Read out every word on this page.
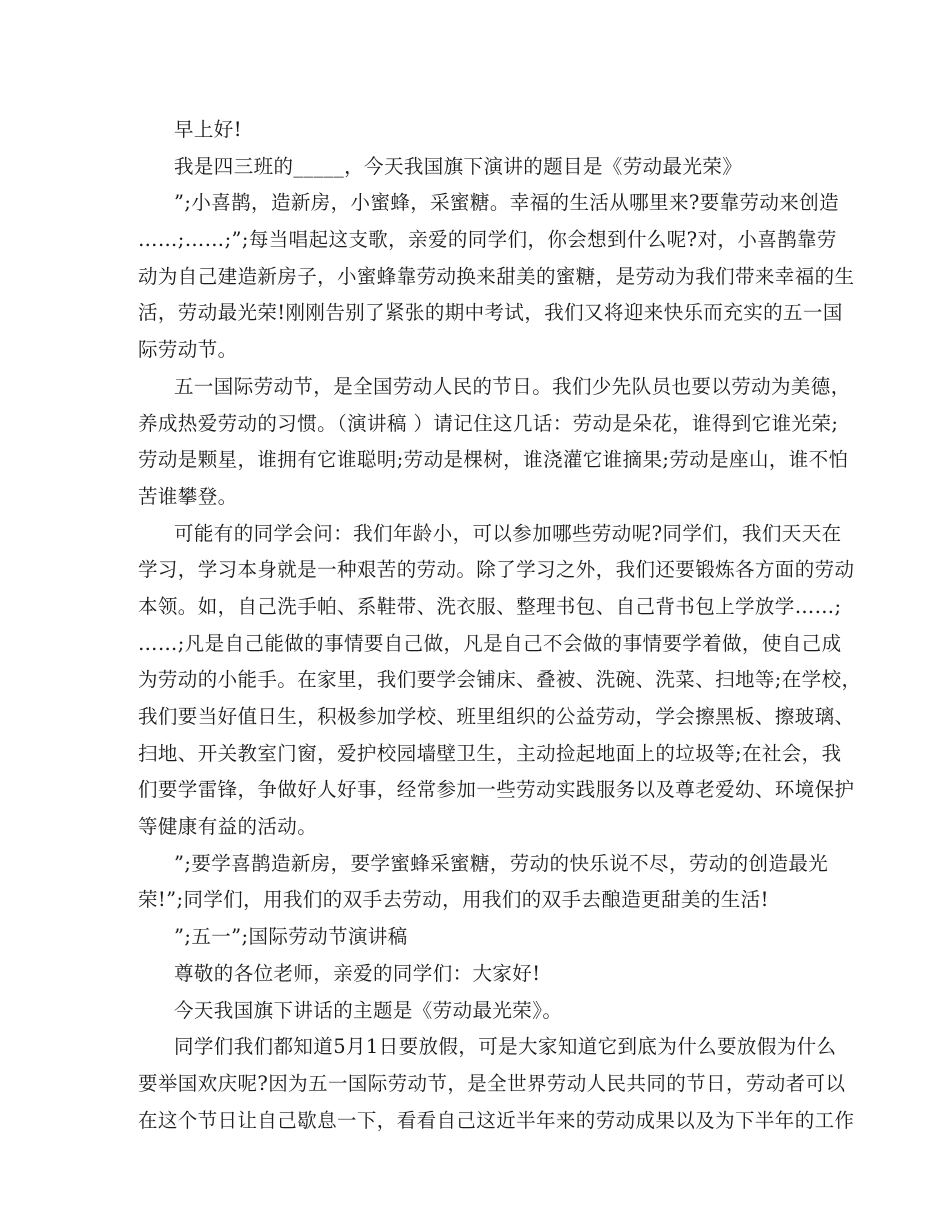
早上好!
我是四三班的_____，今天我国旗下演讲的题目是《劳动最光荣》
”;小喜鹊，造新房，小蜜蜂，采蜜糖。幸福的生活从哪里来?要靠劳动来创造
……;……;”;每当唱起这支歌，亲爱的同学们，你会想到什么呢?对，小喜鹊靠劳
动为自己建造新房子，小蜜蜂靠劳动换来甜美的蜜糖，是劳动为我们带来幸福的生
活，劳动最光荣!刚刚告别了紧张的期中考试，我们又将迎来快乐而充实的五一国
际劳动节。
五一国际劳动节，是全国劳动人民的节日。我们少先队员也要以劳动为美德，
养成热爱劳动的习惯。（演讲稿 ）请记住这几话：劳动是朵花，谁得到它谁光荣;
劳动是颗星，谁拥有它谁聪明;劳动是棵树，谁浇灌它谁摘果;劳动是座山，谁不怕
苦谁攀登。
可能有的同学会问：我们年龄小，可以参加哪些劳动呢?同学们，我们天天在
学习，学习本身就是一种艰苦的劳动。除了学习之外，我们还要锻炼各方面的劳动
本领。如，自己洗手帕、系鞋带、洗衣服、整理书包、自己背书包上学放学……;
……;凡是自己能做的事情要自己做，凡是自己不会做的事情要学着做，使自己成
为劳动的小能手。在家里，我们要学会铺床、叠被、洗碗、洗菜、扫地等;在学校，
我们要当好值日生，积极参加学校、班里组织的公益劳动，学会擦黑板、擦玻璃、
扫地、开关教室门窗，爱护校园墙壁卫生，主动捡起地面上的垃圾等;在社会，我
们要学雷锋，争做好人好事，经常参加一些劳动实践服务以及尊老爱幼、环境保护
等健康有益的活动。
”;要学喜鹊造新房，要学蜜蜂采蜜糖，劳动的快乐说不尽，劳动的创造最光
荣!”;同学们，用我们的双手去劳动，用我们的双手去酿造更甜美的生活!
”;五一”;国际劳动节演讲稿
尊敬的各位老师，亲爱的同学们：大家好!
今天我国旗下讲话的主题是《劳动最光荣》。
同学们我们都知道5月1日要放假，可是大家知道它到底为什么要放假为什么
要举国欢庆呢?因为五一国际劳动节，是全世界劳动人民共同的节日，劳动者可以
在这个节日让自己歇息一下，看看自己这近半年来的劳动成果以及为下半年的工作
